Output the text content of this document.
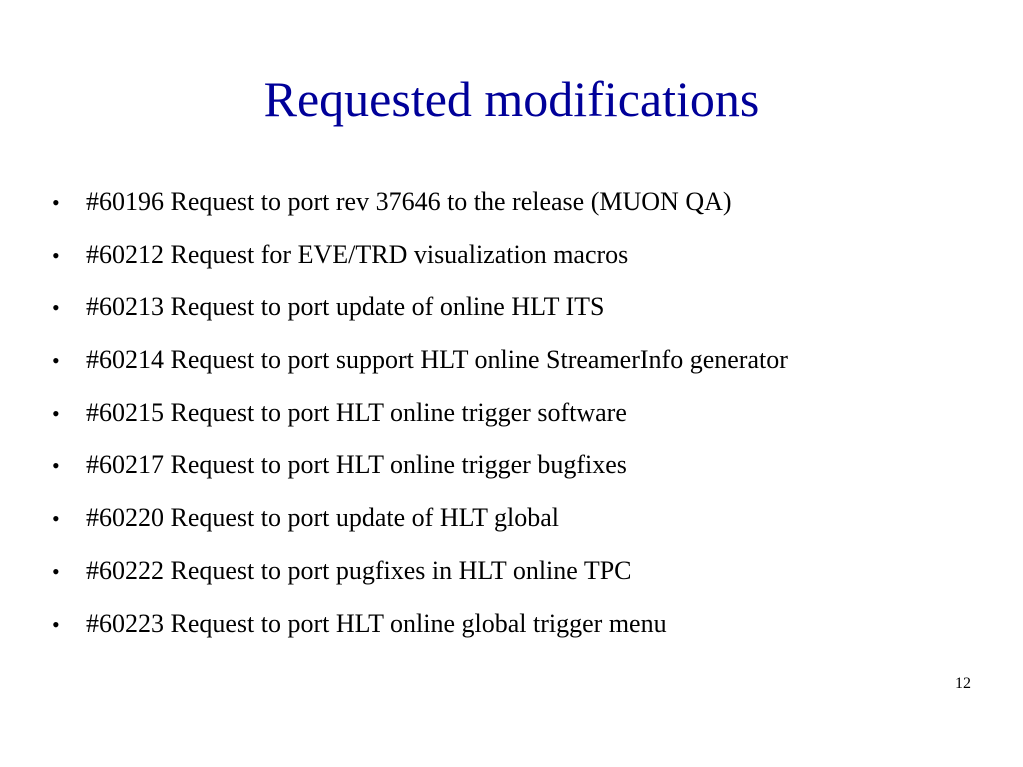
Requested modifications
•	#60196 Request to port rev 37646 to the release (MUON QA)
•	#60212 Request for EVE/TRD visualization macros
•	#60213 Request to port update of online HLT ITS
•	#60214 Request to port support HLT online StreamerInfo generator
•	#60215 Request to port HLT online trigger software
•	#60217 Request to port HLT online trigger bugfixes
•	#60220 Request to port update of HLT global
•	#60222 Request to port pugfixes in HLT online TPC
•	#60223 Request to port HLT online global trigger menu
12
